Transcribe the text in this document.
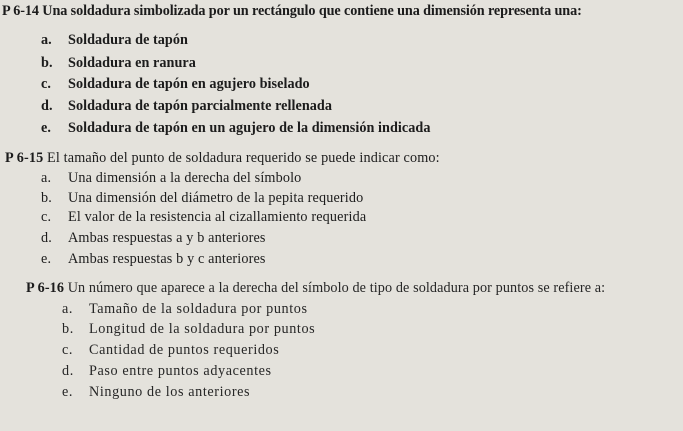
P 6-14 Una soldadura simbolizada por un rectángulo que contiene una dimensión representa una:
a. Soldadura de tapón
b. Soldadura en ranura
c. Soldadura de tapón en agujero biselado
d. Soldadura de tapón parcialmente rellenada
e. Soldadura de tapón en un agujero de la dimensión indicada
P 6-15 El tamaño del punto de soldadura requerido se puede indicar como:
a. Una dimensión a la derecha del símbolo
b. Una dimensión del diámetro de la pepita requerido
c. El valor de la resistencia al cizallamiento requerida
d. Ambas respuestas a y b anteriores
e. Ambas respuestas b y c anteriores
P 6-16 Un número que aparece a la derecha del símbolo de tipo de soldadura por puntos se refiere a:
a. Tamaño de la soldadura por puntos
b. Longitud de la soldadura por puntos
c. Cantidad de puntos requeridos
d. Paso entre puntos adyacentes
e. Ninguno de los anteriores
